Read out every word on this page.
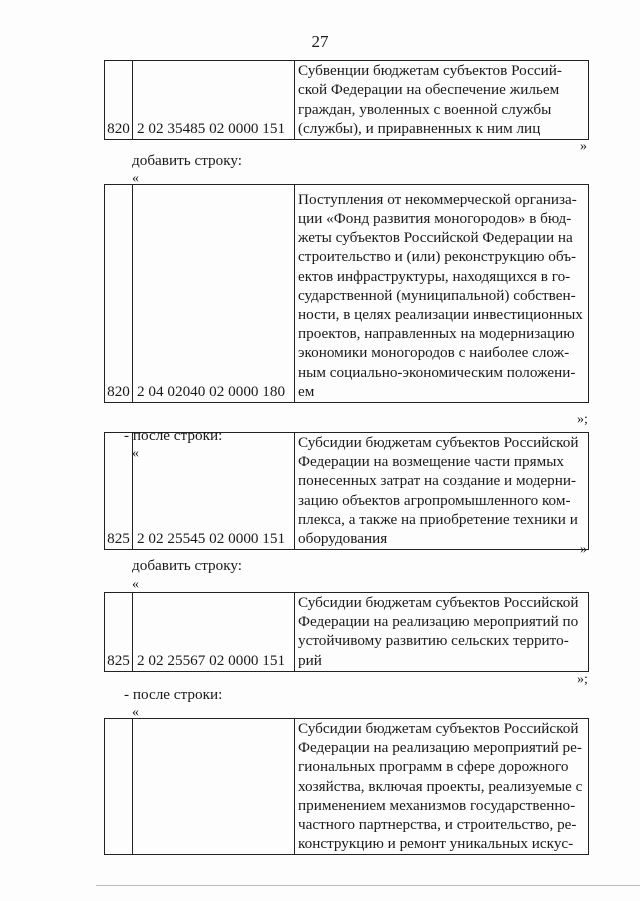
27
820	2 02 35485 02 0000 151	
Субвенции бюджетам субъектов Россий-
ской Федерации на обеспечение жильем
граждан, уволенных с военной службы
(службы), и приравненных к ним лиц
»
добавить строку:
«
820	2 04 02040 02 0000 180	
Поступления от некоммерческой организа-
ции «Фонд развития моногородов» в бюд-
жеты субъектов Российской Федерации на
строительство и (или) реконструкцию объ-
ектов инфраструктуры, находящихся в го-
сударственной (муниципальной) собствен-
ности, в целях реализации инвестиционных
проектов, направленных на модернизацию
экономики моногородов с наиболее слож-
ным социально-экономическим положени-
ем
»;
- после строки:
«
825	2 02 25545 02 0000 151	
Субсидии бюджетам субъектов Российской
Федерации на возмещение части прямых
понесенных затрат на создание и модерни-
зацию объектов агропромышленного ком-
плекса, а также на приобретение техники и
оборудования
»
добавить строку:
«
825	2 02 25567 02 0000 151	
Субсидии бюджетам субъектов Российской
Федерации на реализацию мероприятий по
устойчивому развитию сельских террито-
рий
»;
- после строки:
«

Субсидии бюджетам субъектов Российской
Федерации на реализацию мероприятий ре-
гиональных программ в сфере дорожного
хозяйства, включая проекты, реализуемые с
применением механизмов государственно-
частного партнерства, и строительство, ре-
конструкцию и ремонт уникальных искус-
